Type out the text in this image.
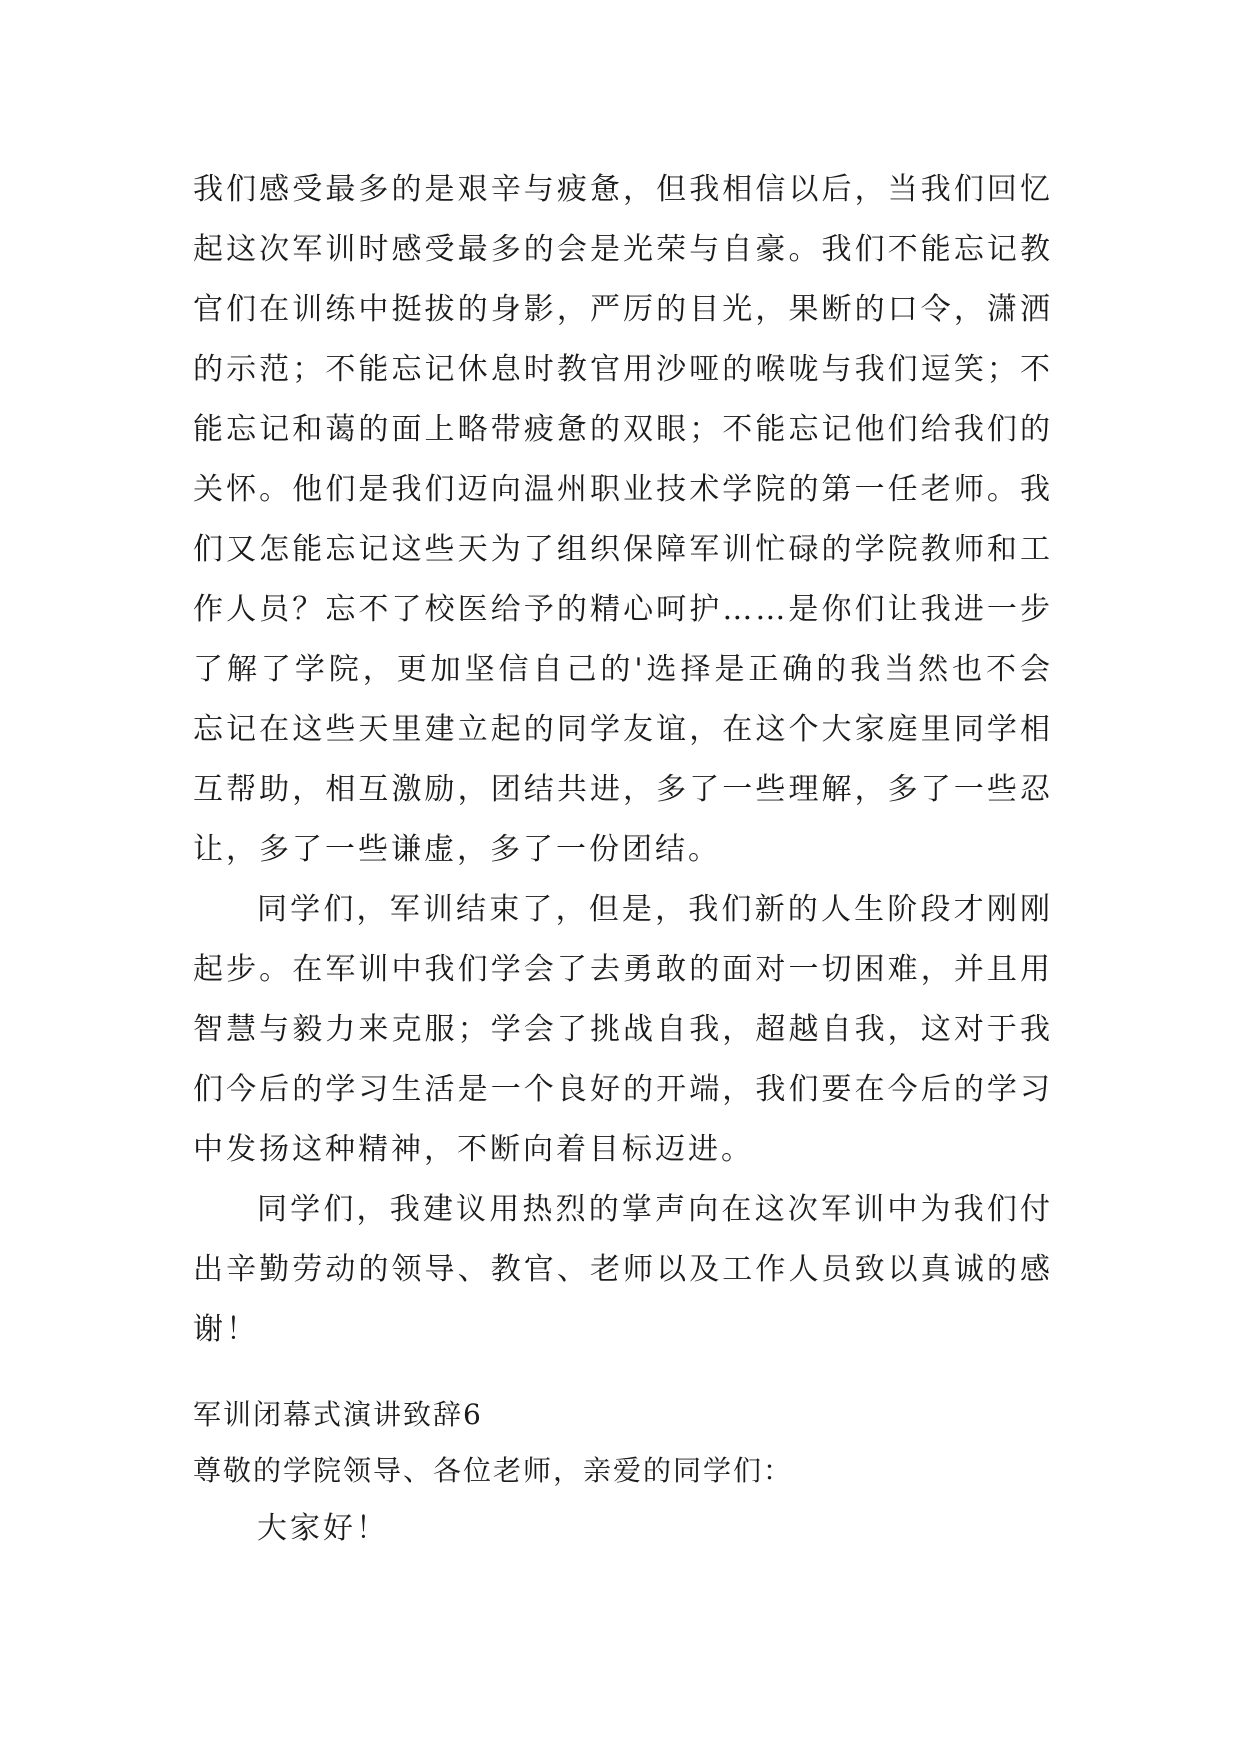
我们感受最多的是艰辛与疲惫，但我相信以后，当我们回忆起这次军训时感受最多的会是光荣与自豪。我们不能忘记教官们在训练中挺拔的身影，严厉的目光，果断的口令，潇洒的示范；不能忘记休息时教官用沙哑的喉咙与我们逗笑；不能忘记和蔼的面上略带疲惫的双眼；不能忘记他们给我们的关怀。他们是我们迈向温州职业技术学院的第一任老师。我们又怎能忘记这些天为了组织保障军训忙碌的学院教师和工作人员？忘不了校医给予的精心呵护……是你们让我进一步了解了学院，更加坚信自己的'选择是正确的我当然也不会忘记在这些天里建立起的同学友谊，在这个大家庭里同学相互帮助，相互激励，团结共进，多了一些理解，多了一些忍让，多了一些谦虚，多了一份团结。

同学们，军训结束了，但是，我们新的人生阶段才刚刚起步。在军训中我们学会了去勇敢的面对一切困难，并且用智慧与毅力来克服；学会了挑战自我，超越自我，这对于我们今后的学习生活是一个良好的开端，我们要在今后的学习中发扬这种精神，不断向着目标迈进。

同学们，我建议用热烈的掌声向在这次军训中为我们付出辛勤劳动的领导、教官、老师以及工作人员致以真诚的感谢！

军训闭幕式演讲致辞6

尊敬的学院领导、各位老师，亲爱的同学们：

大家好！
